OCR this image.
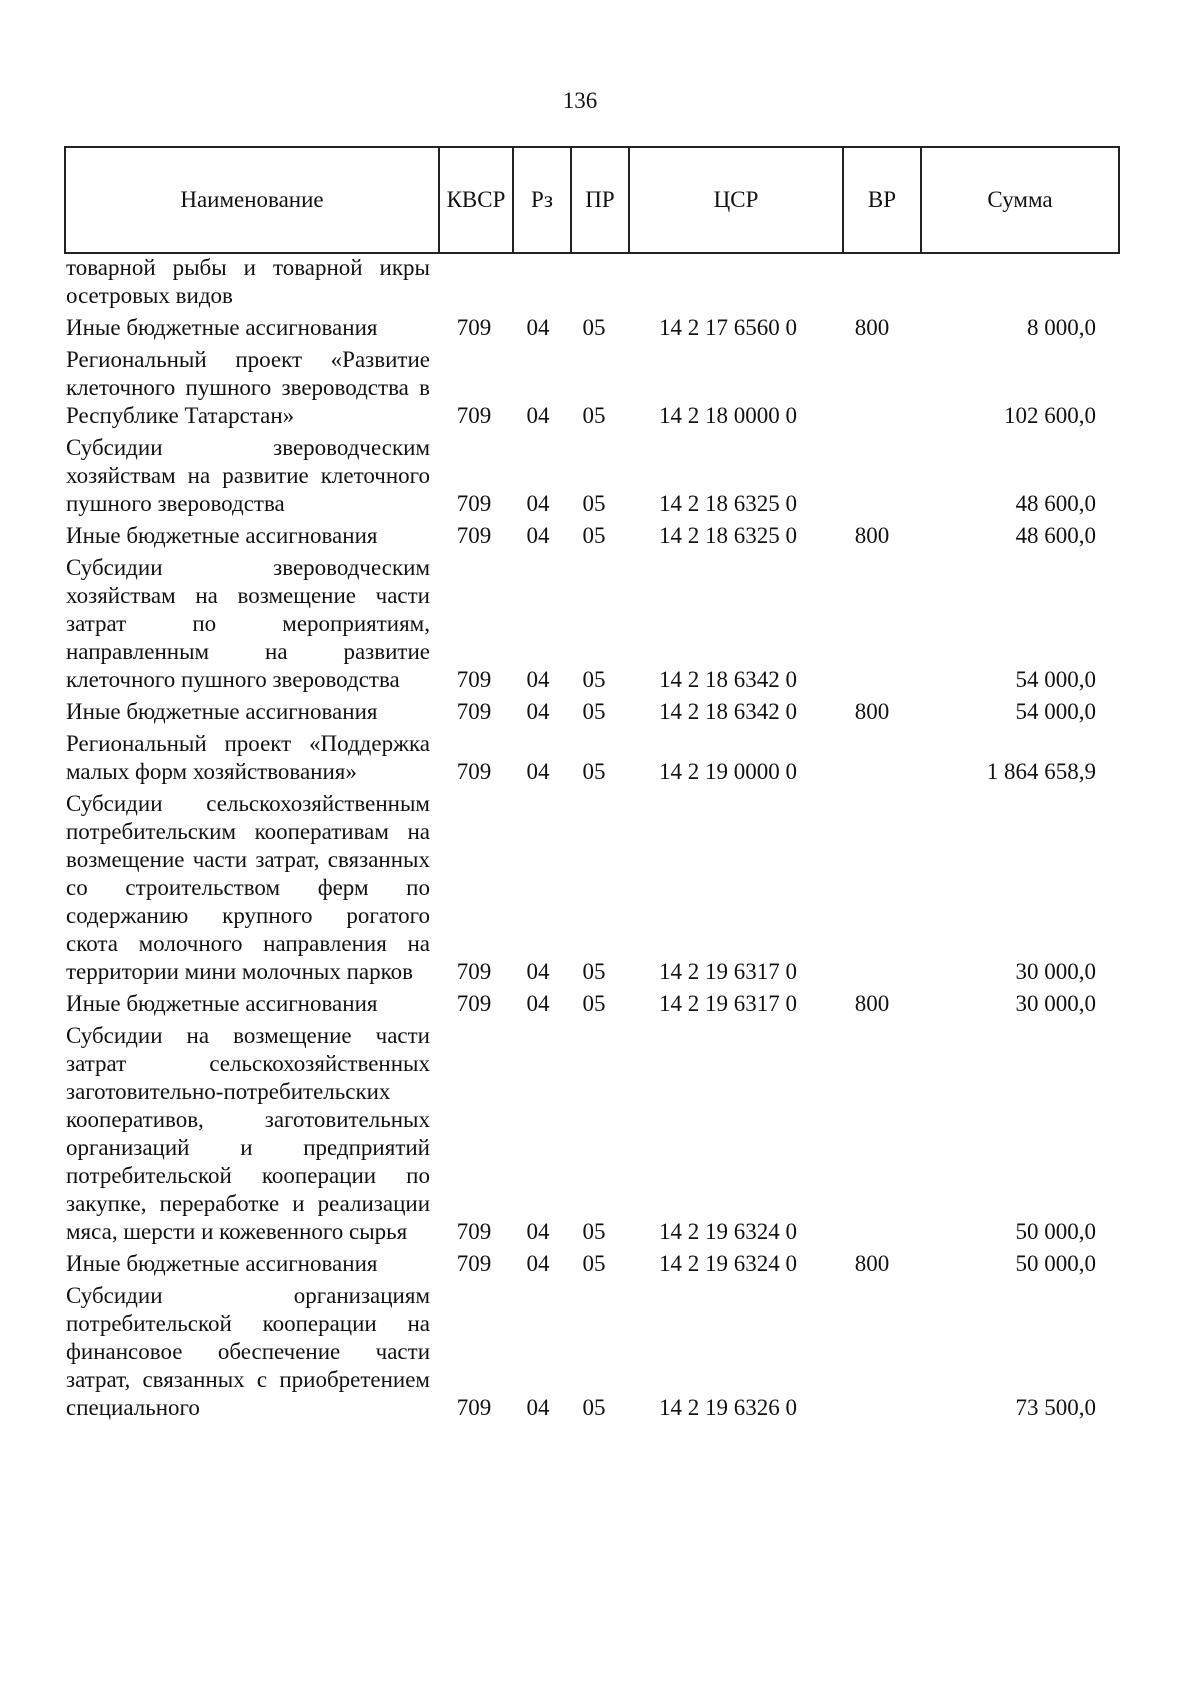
136
Наименование	КВСР	Рз	ПР	ЦСР	ВР	Сумма
товарной рыбы и товарной икры осетровых видов						
Иные бюджетные ассигнования	709	04	05	14 2 17 6560 0	800	8 000,0
Региональный проект «Развитие клеточного пушного звероводства в Республике Татарстан»	709	04	05	14 2 18 0000 0		102 600,0
Субсидии звероводческим хозяйствам на развитие клеточного пушного звероводства	709	04	05	14 2 18 6325 0		48 600,0
Иные бюджетные ассигнования	709	04	05	14 2 18 6325 0	800	48 600,0
Субсидии звероводческим хозяйствам на возмещение части затрат по мероприятиям, направленным на развитие клеточного пушного звероводства	709	04	05	14 2 18 6342 0		54 000,0
Иные бюджетные ассигнования	709	04	05	14 2 18 6342 0	800	54 000,0
Региональный проект «Поддержка малых форм хозяйствования»	709	04	05	14 2 19 0000 0		1 864 658,9
Субсидии сельскохозяйственным потребительским кооперативам на возмещение части затрат, связанных со строительством ферм по содержанию крупного рогатого скота молочного направления на территории мини молочных парков	709	04	05	14 2 19 6317 0		30 000,0
Иные бюджетные ассигнования	709	04	05	14 2 19 6317 0	800	30 000,0
Субсидии на возмещение части затрат сельскохозяйственных заготовительно-потребительских кооперативов, заготовительных организаций и предприятий потребительской кооперации по закупке, переработке и реализации мяса, шерсти и кожевенного сырья	709	04	05	14 2 19 6324 0		50 000,0
Иные бюджетные ассигнования	709	04	05	14 2 19 6324 0	800	50 000,0
Субсидии организациям потребительской кооперации на финансовое обеспечение части затрат, связанных с приобретением специального	709	04	05	14 2 19 6326 0		73 500,0
